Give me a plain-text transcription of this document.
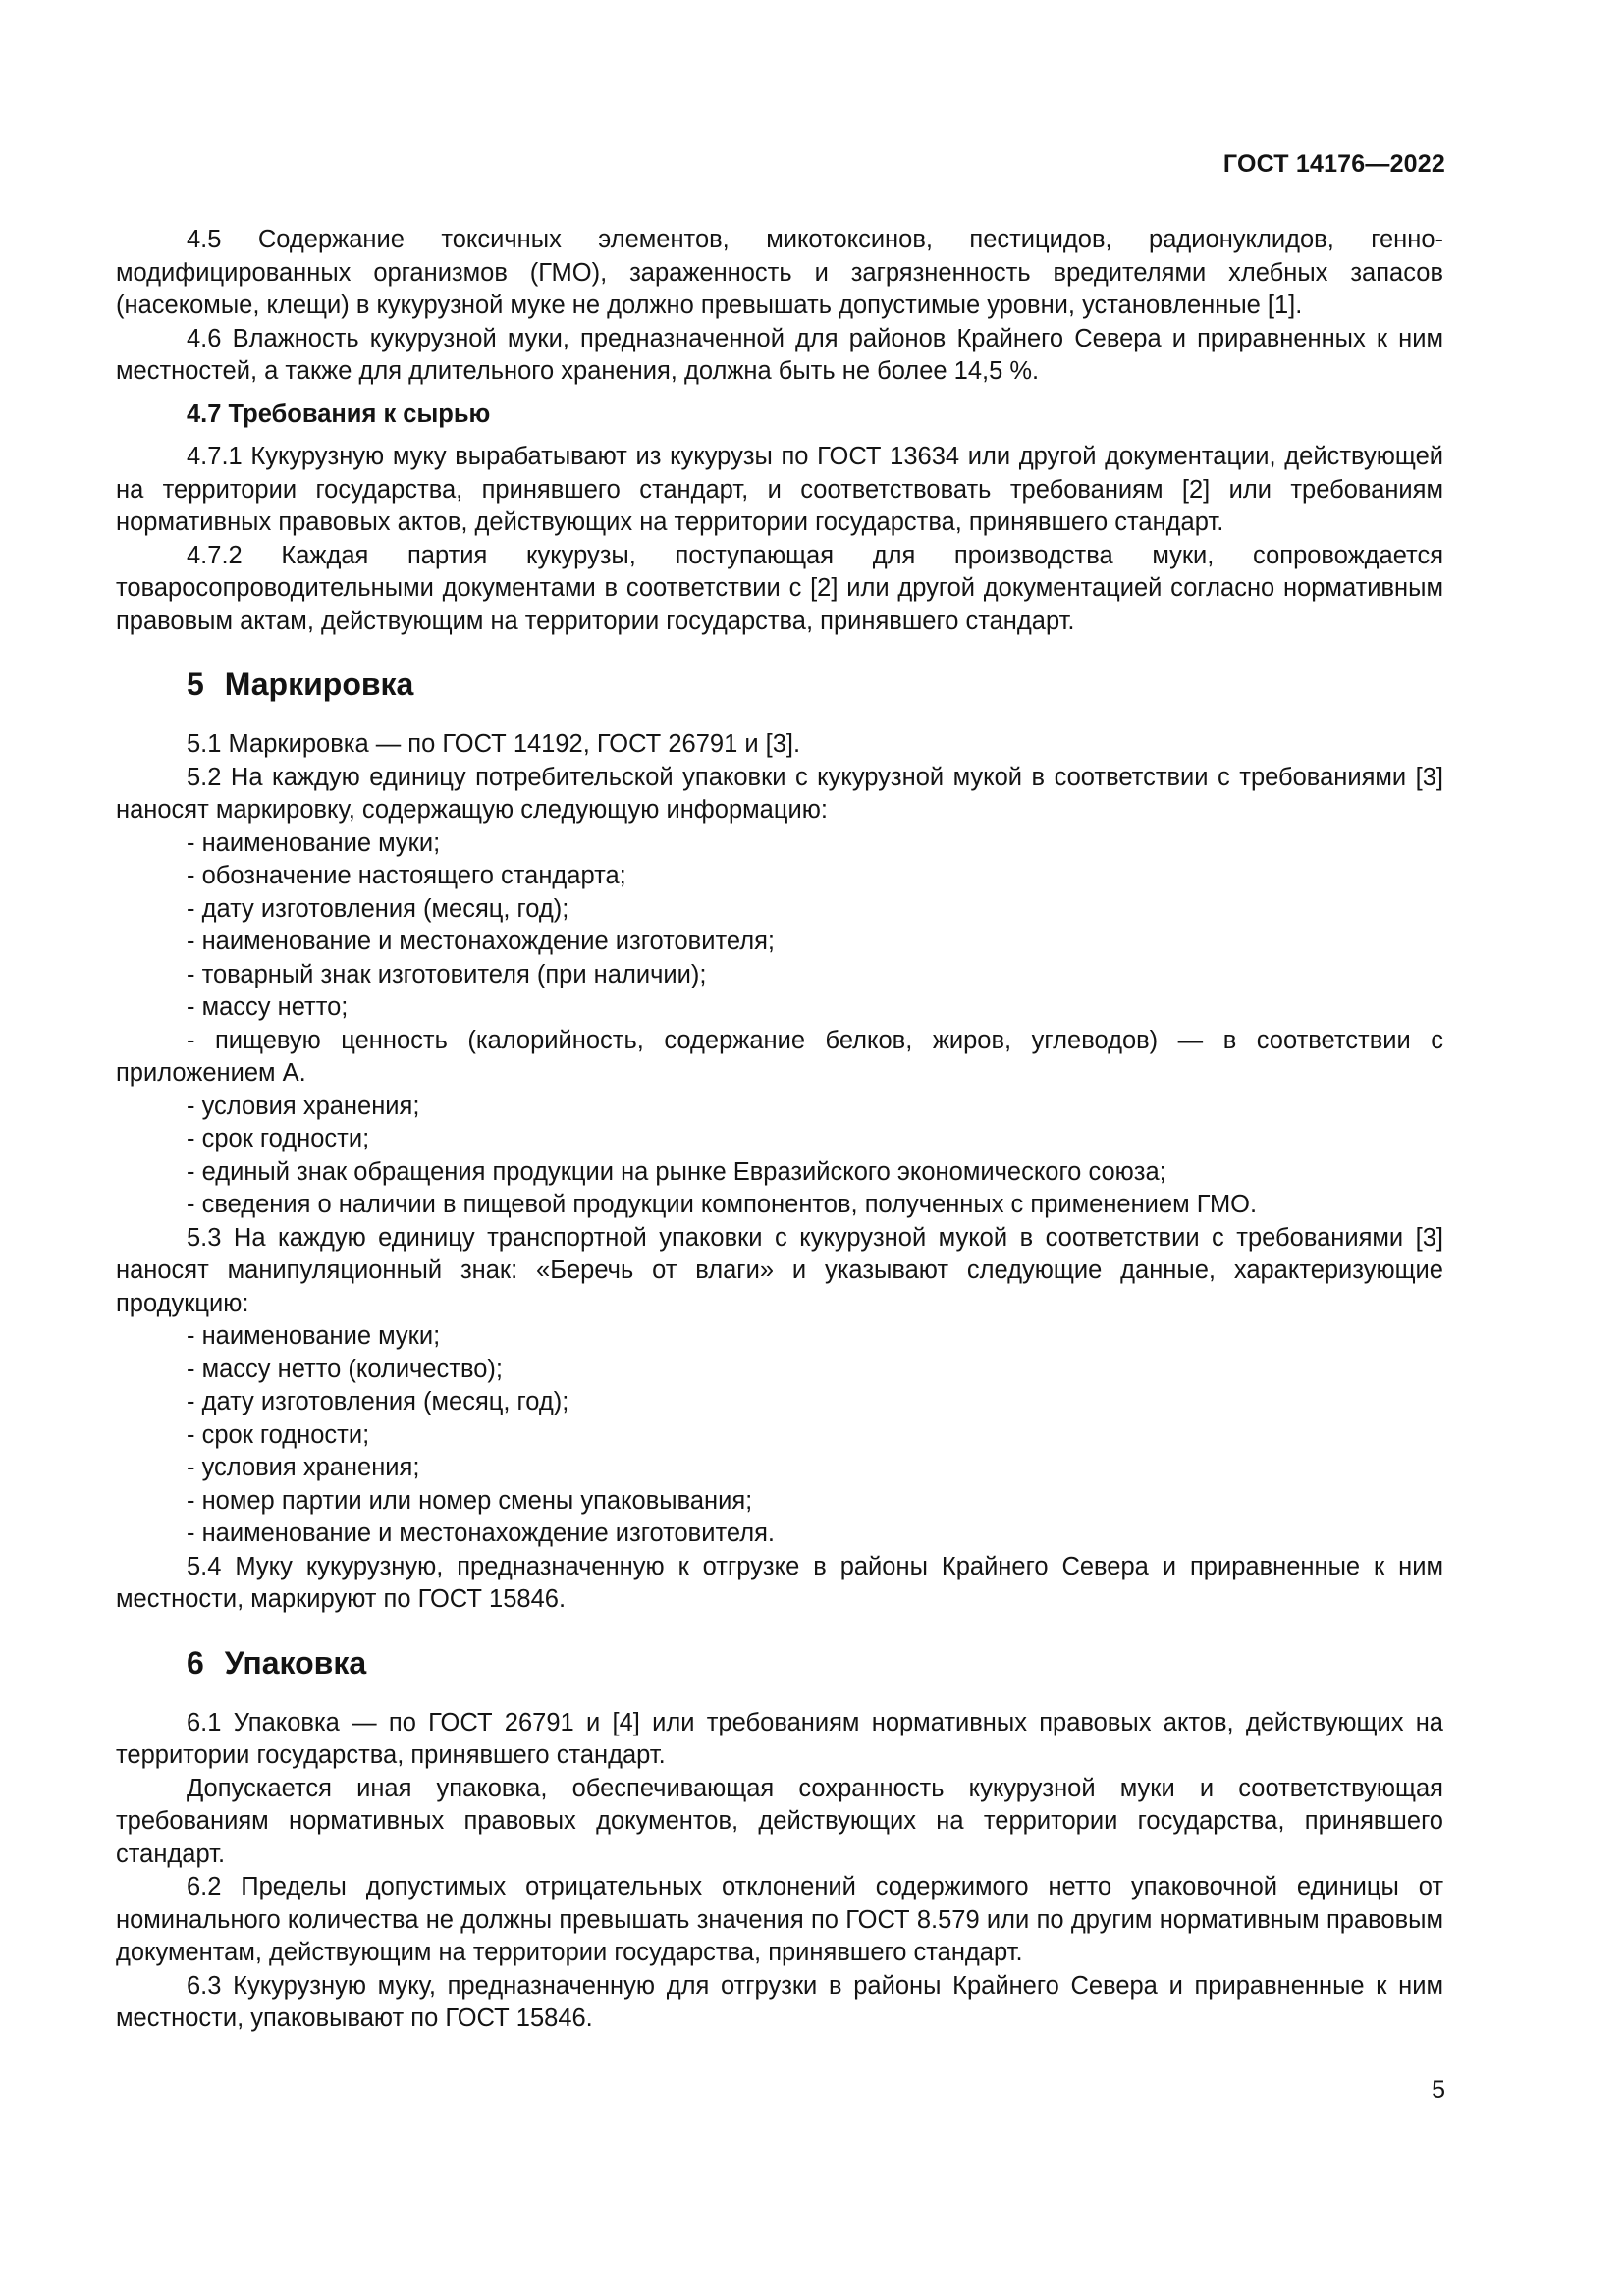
ГОСТ 14176—2022

4.5 Содержание токсичных элементов, микотоксинов, пестицидов, радионуклидов, генно-модифицированных организмов (ГМО), зараженность и загрязненность вредителями хлебных запасов (насекомые, клещи) в кукурузной муке не должно превышать допустимые уровни, установленные [1].

4.6 Влажность кукурузной муки, предназначенной для районов Крайнего Севера и приравненных к ним местностей, а также для длительного хранения, должна быть не более 14,5 %.

4.7 Требования к сырью

4.7.1 Кукурузную муку вырабатывают из кукурузы по ГОСТ 13634 или другой документации, действующей на территории государства, принявшего стандарт, и соответствовать требованиям [2] или требованиям нормативных правовых актов, действующих на территории государства, принявшего стандарт.

4.7.2 Каждая партия кукурузы, поступающая для производства муки, сопровождается товаросопроводительными документами в соответствии с [2] или другой документацией согласно нормативным правовым актам, действующим на территории государства, принявшего стандарт.

5 Маркировка

5.1 Маркировка — по ГОСТ 14192, ГОСТ 26791 и [3].

5.2 На каждую единицу потребительской упаковки с кукурузной мукой в соответствии с требованиями [3] наносят маркировку, содержащую следующую информацию:

- наименование муки;

- обозначение настоящего стандарта;

- дату изготовления (месяц, год);

- наименование и местонахождение изготовителя;

- товарный знак изготовителя (при наличии);

- массу нетто;

- пищевую ценность (калорийность, содержание белков, жиров, углеводов) — в соответствии с приложением А.

- условия хранения;

- срок годности;

- единый знак обращения продукции на рынке Евразийского экономического союза;

- сведения о наличии в пищевой продукции компонентов, полученных с применением ГМО.

5.3 На каждую единицу транспортной упаковки с кукурузной мукой в соответствии с требованиями [3] наносят манипуляционный знак: «Беречь от влаги» и указывают следующие данные, характеризующие продукцию:

- наименование муки;

- массу нетто (количество);

- дату изготовления (месяц, год);

- срок годности;

- условия хранения;

- номер партии или номер смены упаковывания;

- наименование и местонахождение изготовителя.

5.4 Муку кукурузную, предназначенную к отгрузке в районы Крайнего Севера и приравненные к ним местности, маркируют по ГОСТ 15846.

6 Упаковка

6.1 Упаковка — по ГОСТ 26791 и [4] или требованиям нормативных правовых актов, действующих на территории государства, принявшего стандарт.

Допускается иная упаковка, обеспечивающая сохранность кукурузной муки и соответствующая требованиям нормативных правовых документов, действующих на территории государства, принявшего стандарт.

6.2 Пределы допустимых отрицательных отклонений содержимого нетто упаковочной единицы от номинального количества не должны превышать значения по ГОСТ 8.579 или по другим нормативным правовым документам, действующим на территории государства, принявшего стандарт.

6.3 Кукурузную муку, предназначенную для отгрузки в районы Крайнего Севера и приравненные к ним местности, упаковывают по ГОСТ 15846.

5
